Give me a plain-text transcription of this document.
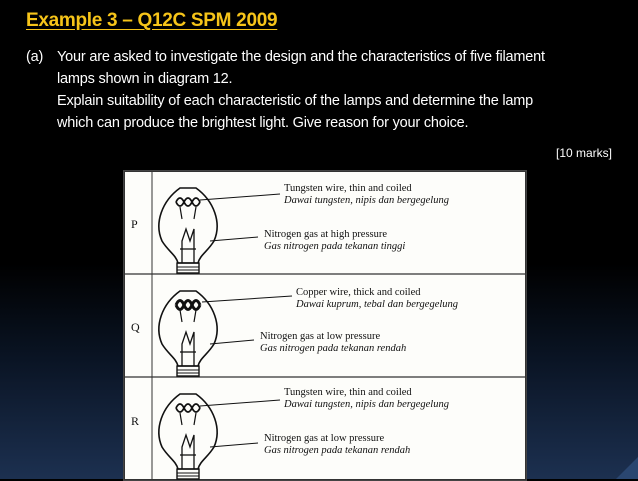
Example 3 – Q12C SPM 2009
(a) Your are asked to investigate the design and the characteristics of five filament
lamps shown in diagram 12.
Explain suitability of each characteristic of the lamps and determine the lamp
which can produce the brightest light. Give reason for your choice.
[10 marks]
P
Q
R
Tungsten wire, thin and coiled
Dawai tungsten, nipis dan bergegelung
Nitrogen gas at high pressure
Gas nitrogen pada tekanan tinggi
Copper wire, thick and coiled
Dawai kuprum, tebal dan bergegelung
Nitrogen gas at low pressure
Gas nitrogen pada tekanan rendah
Tungsten wire, thin and coiled
Dawai tungsten, nipis dan bergegelung
Nitrogen gas at low pressure
Gas nitrogen pada tekanan rendah
